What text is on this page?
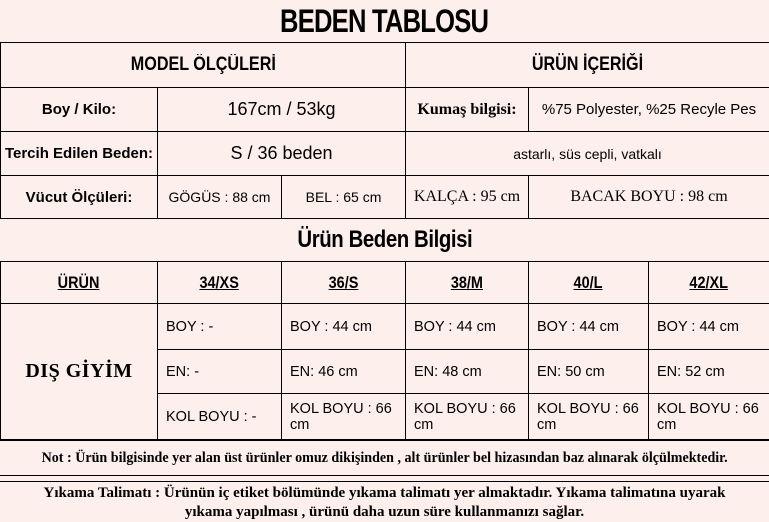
BEDEN TABLOSU
MODEL ÖLÇÜLERİ			ÜRÜN İÇERİĞİ	
Boy / Kilo:	167cm / 53kg		Kumaş bilgisi:	%75 Polyester, %25 Recyle Pes
Tercih Edilen Beden:	S / 36 beden		astarlı, süs cepli, vatkalı	
Vücut Ölçüleri:	GÖGÜS : 88 cm	BEL : 65 cm	KALÇA : 95 cm	BACAK BOYU : 98 cm
Ürün Beden Bilgisi
ÜRÜN	34/XS	36/S	38/M	40/L	42/XL
DIŞ GİYİM	BOY : -	BOY : 44 cm	BOY : 44 cm	BOY : 44 cm	BOY : 44 cm
	EN: -	EN: 46 cm	EN: 48 cm	EN: 50 cm	EN: 52 cm
	KOL BOYU : -	KOL BOYU : 66 cm	KOL BOYU : 66 cm	KOL BOYU : 66 cm	KOL BOYU : 66 cm
Not : Ürün bilgisinde yer alan üst ürünler omuz dikişinden , alt ürünler bel hizasından baz alınarak ölçülmektedir.
Yıkama Talimatı : Ürünün iç etiket bölümünde yıkama talimatı yer almaktadır. Yıkama talimatına uyarak yıkama yapılması , ürünü daha uzun süre kullanmanızı sağlar.
